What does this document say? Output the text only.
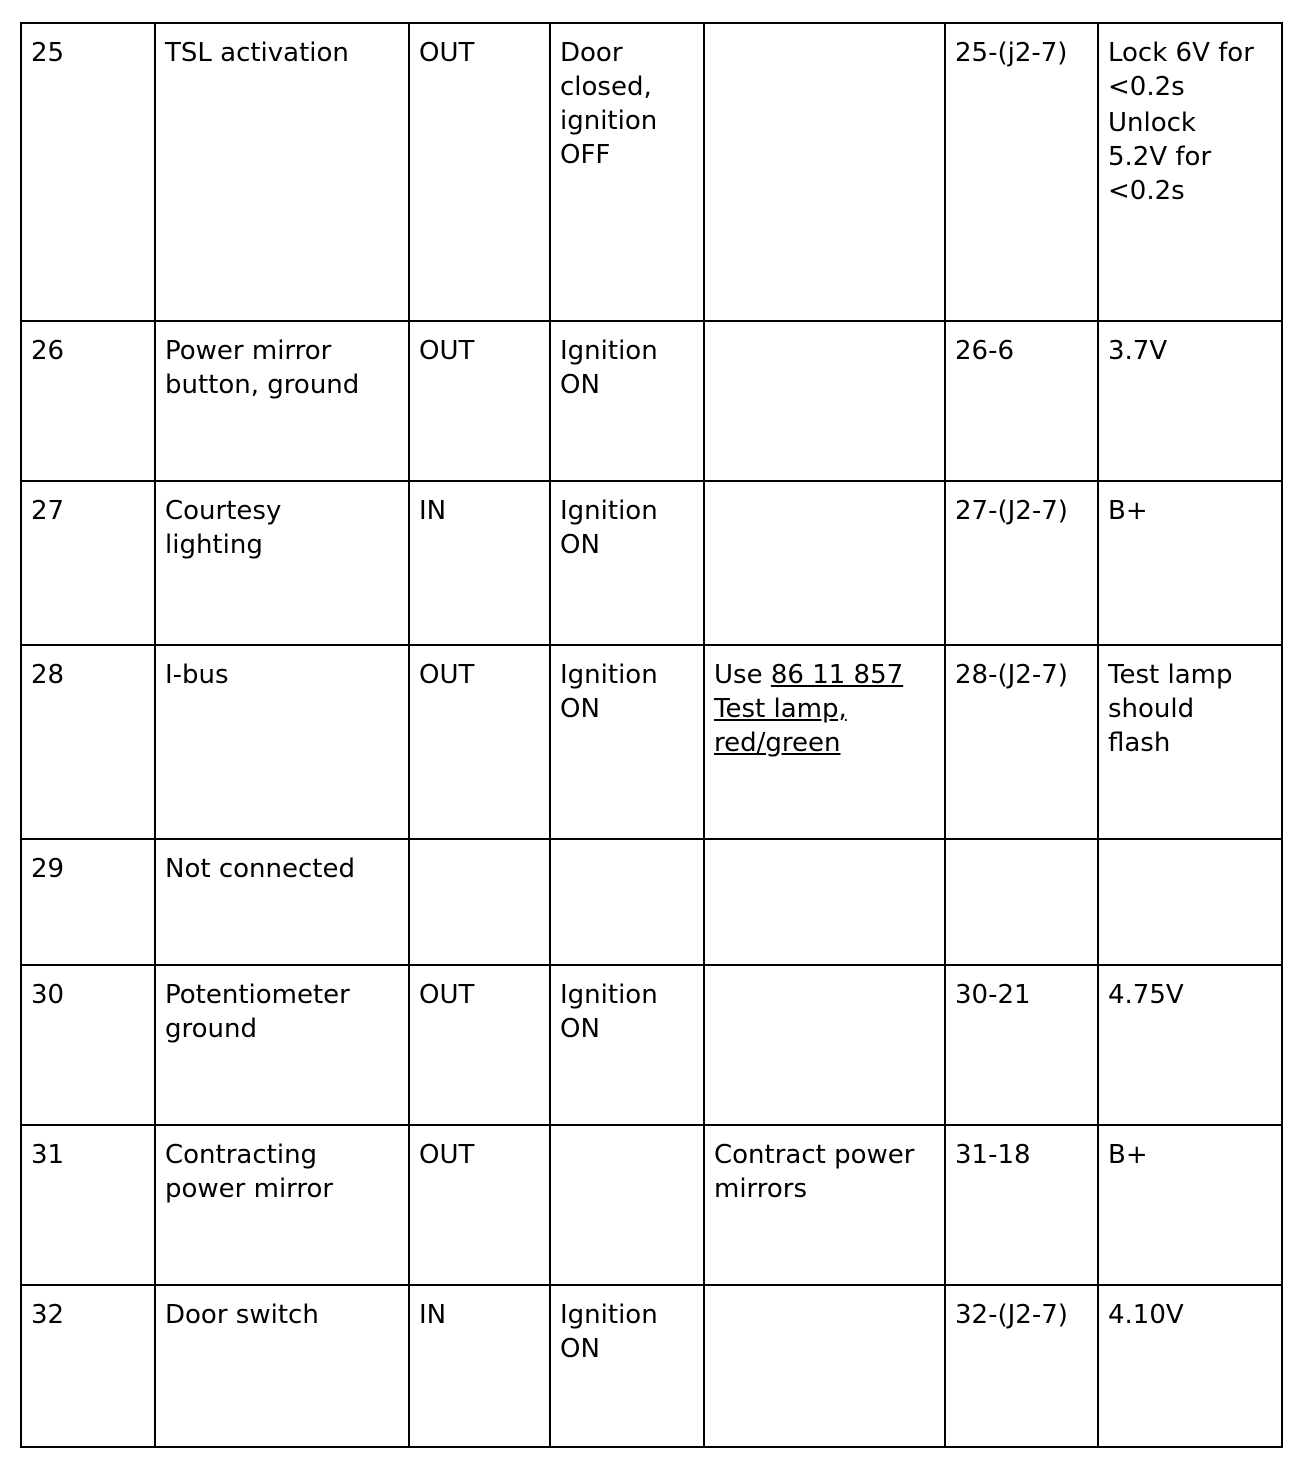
25	TSL activation	OUT	Door
closed,
ignition
OFF		25-(j2-7)	Lock 6V for
<0.2s
Unlock
5.2V for
<0.2s

26	Power mirror
button, ground	OUT	Ignition
ON		26-6	3.7V

27	Courtesy
lighting	IN	Ignition
ON		27-(J2-7)	B+

28	I-bus	OUT	Ignition
ON	Use 86 11 857
Test lamp,
red/green	28-(J2-7)	Test lamp
should
flash

29	Not connected					

30	Potentiometer
ground	OUT	Ignition
ON		30-21	4.75V

31	Contracting
power mirror	OUT		Contract power
mirrors	31-18	B+

32	Door switch	IN	Ignition
ON		32-(J2-7)	4.10V
